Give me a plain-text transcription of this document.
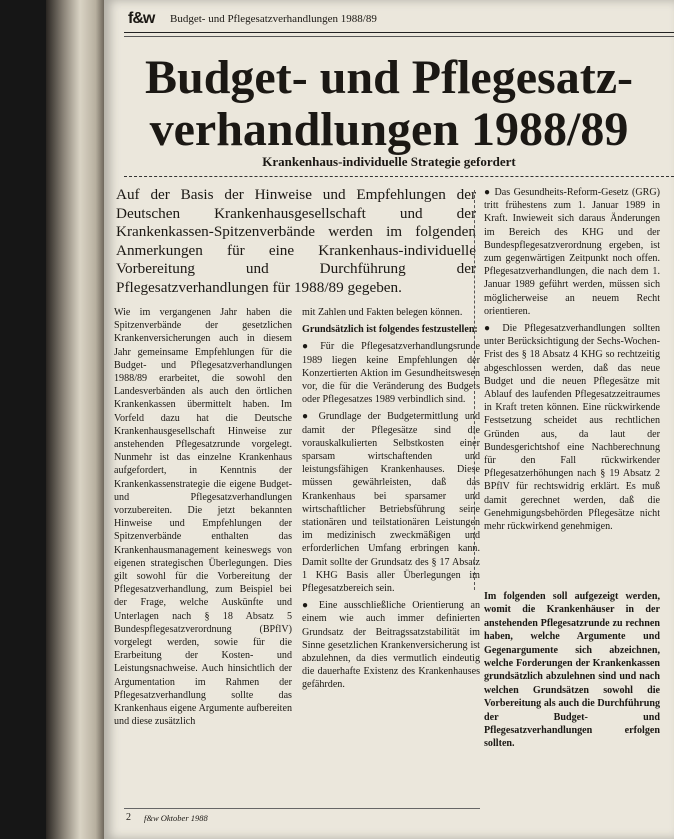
f&w Budget- und Pflegesatzverhandlungen 1988/89
Budget- und Pflegesatz-
verhandlungen 1988/89
Krankenhaus-individuelle Strategie gefordert
Auf der Basis der Hinweise und Empfehlungen der Deutschen Krankenhausgesellschaft und der Krankenkassen-Spitzenverbände werden im folgenden Anmerkungen für eine Krankenhaus-individuelle Vorbereitung und Durchführung der Pflegesatzverhandlungen für 1988/89 gegeben.

Wie im vergangenen Jahr haben die Spitzenverbände der gesetzlichen Krankenversicherungen auch in diesem Jahr gemeinsame Empfehlungen für die Budget- und Pflegesatzverhandlungen 1988/89 erarbeitet, die sowohl den Landesverbänden als auch den örtlichen Krankenkassen übermittelt haben. Im Vorfeld dazu hat die Deutsche Krankenhausgesellschaft Hinweise zur anstehenden Pflegesatzrunde vorgelegt. Nunmehr ist das einzelne Krankenhaus aufgefordert, in Kenntnis der Krankenkassenstrategie die eigene Budget- und Pflegesatzverhandlungen vorzubereiten. Die jetzt bekannten Hinweise und Empfehlungen der Spitzenverbände enthalten das Krankenhausmanagement keineswegs von eigenen strategischen Überlegungen. Dies gilt sowohl für die Vorbereitung der Pflegesatzverhandlung, zum Beispiel bei der Frage, welche Auskünfte und Unterlagen nach § 18 Absatz 5 Bundespflegesatzverordnung (BPflV) vorgelegt werden, sowie für die Erarbeitung der Kosten- und Leistungsnachweise. Auch hinsichtlich der Argumentation im Rahmen der Pflegesatzverhandlung sollte das Krankenhaus eigene Argumente aufbereiten und diese zusätzlich

mit Zahlen und Fakten belegen können.

Grundsätzlich ist folgendes festzustellen:

● Für die Pflegesatzverhandlungsrunde 1989 liegen keine Empfehlungen der Konzertierten Aktion im Gesundheitswesen vor, die für die Veränderung des Budgets oder Pflegesatzes 1989 verbindlich sind.

● Grundlage der Budgetermittlung und damit der Pflegesätze sind die vorauskalkulierten Selbstkosten einer sparsam wirtschaftenden und leistungsfähigen Krankenhauses. Diese müssen gewährleisten, daß das Krankenhaus bei sparsamer und wirtschaftlicher Betriebsführung seine stationären und teilstationären Leistungen im medizinisch zweckmäßigen und erforderlichen Umfang erbringen kann. Damit sollte der Grundsatz des § 17 Absatz 1 KHG Basis aller Überlegungen im Pflegesatzbereich sein.

● Eine ausschließliche Orientierung an einem wie auch immer definierten Grundsatz der Beitragssatzstabilität im Sinne gesetzlichen Krankenversicherung ist abzulehnen, da dies vermutlich eindeutig die dauerhafte Existenz des Krankenhauses gefährden.

● Das Gesundheits-Reform-Gesetz (GRG) tritt frühestens zum 1. Januar 1989 in Kraft. Inwieweit sich daraus Änderungen im Bereich des KHG und der Bundespflegesatzverordnung ergeben, ist zum gegenwärtigen Zeitpunkt noch offen. Pflegesatzverhandlungen, die nach dem 1. Januar 1989 geführt werden, müssen sich möglicherweise an neuem Recht orientieren.

● Die Pflegesatzverhandlungen sollten unter Berücksichtigung der Sechs-Wochen-Frist des § 18 Absatz 4 KHG so rechtzeitig abgeschlossen werden, daß das neue Budget und die neuen Pflegesätze mit Ablauf des laufenden Pflegesatzzeitraumes in Kraft treten können. Eine rückwirkende Festsetzung scheidet aus rechtlichen Gründen aus, da laut der Bundesgerichtshof eine Nachberechnung für den Fall rückwirkender Pflegesatzerhöhungen nach § 19 Absatz 2 BPflV für rechtswidrig erklärt. Es muß damit gerechnet werden, daß die Genehmigungsbehörden Pflegesätze nicht mehr rückwirkend genehmigen.

Im folgenden soll aufgezeigt werden, womit die Krankenhäuser in der anstehenden Pflegesatzrunde zu rechnen haben, welche Argumente und Gegenargumente sich abzeichnen, welche Forderungen der Krankenkassen grundsätzlich abzulehnen sind und nach welchen Grundsätzen sowohl die Vorbereitung als auch die Durchführung der Budget- und Pflegesatzverhandlungen erfolgen sollten.
2 f&w Oktober 1988
